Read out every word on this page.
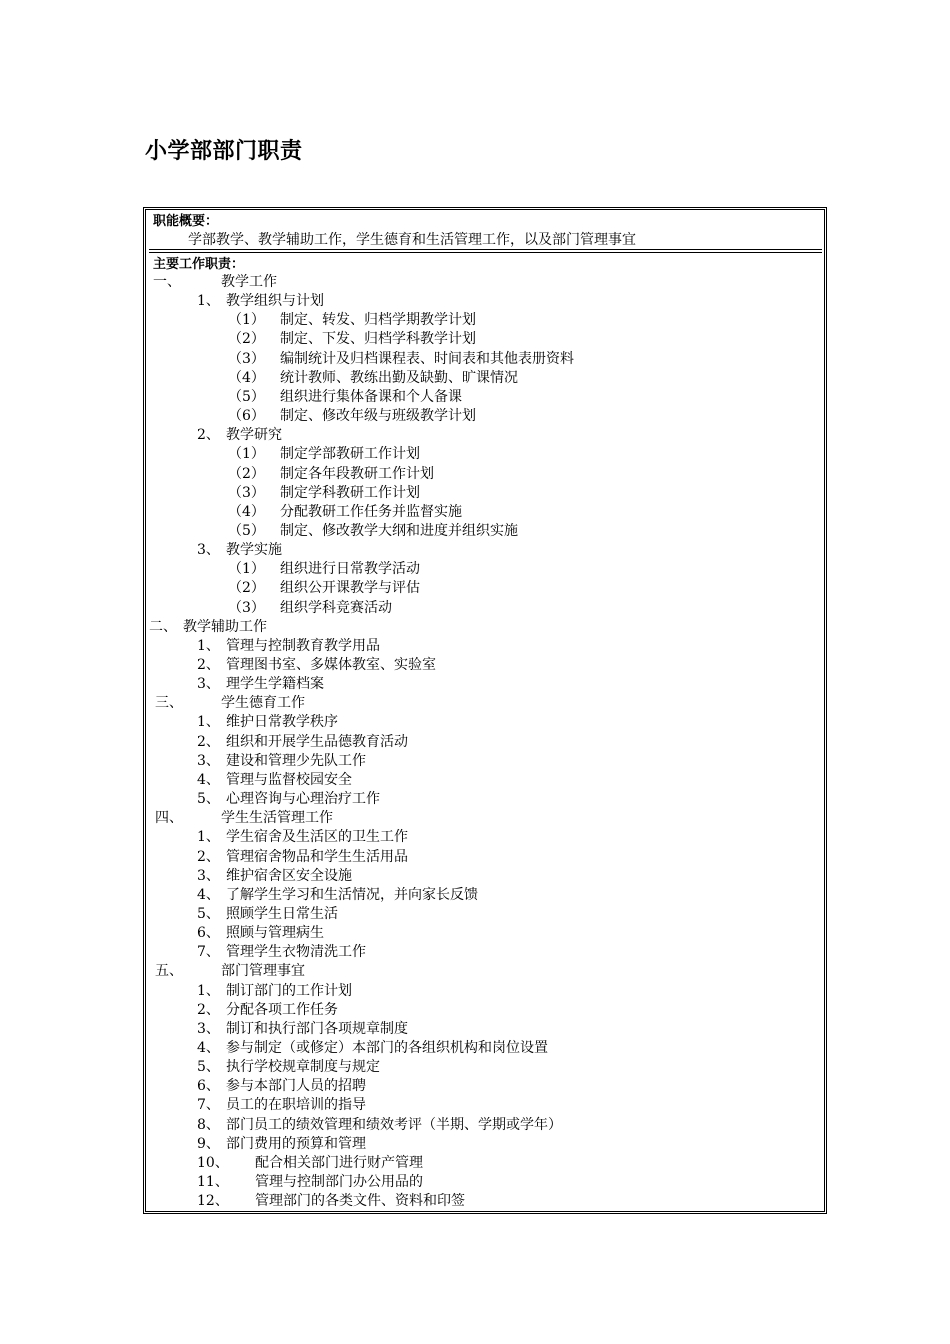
小学部部门职责
职能概要：
学部教学、教学辅助工作，学生德育和生活管理工作，以及部门管理事宜
主要工作职责：
一、	教学工作
1、 教学组织与计划
（1） 制定、转发、归档学期教学计划
（2） 制定、下发、归档学科教学计划
（3） 编制统计及归档课程表、时间表和其他表册资料
（4） 统计教师、教练出勤及缺勤、旷课情况
（5） 组织进行集体备课和个人备课
（6） 制定、修改年级与班级教学计划
2、 教学研究
（1） 制定学部教研工作计划
（2） 制定各年段教研工作计划
（3） 制定学科教研工作计划
（4） 分配教研工作任务并监督实施
（5） 制定、修改教学大纲和进度并组织实施
3、 教学实施
（1） 组织进行日常教学活动
（2） 组织公开课教学与评估
（3） 组织学科竞赛活动
二、 教学辅助工作
1、 管理与控制教育教学用品
2、 管理图书室、多媒体教室、实验室
3、 理学生学籍档案
三、	学生德育工作
1、 维护日常教学秩序
2、 组织和开展学生品德教育活动
3、 建设和管理少先队工作
4、 管理与监督校园安全
5、 心理咨询与心理治疗工作
四、	学生生活管理工作
1、 学生宿舍及生活区的卫生工作
2、 管理宿舍物品和学生生活用品
3、 维护宿舍区安全设施
4、 了解学生学习和生活情况，并向家长反馈
5、 照顾学生日常生活
6、 照顾与管理病生
7、 管理学生衣物清洗工作
五、	部门管理事宜
1、 制订部门的工作计划
2、 分配各项工作任务
3、 制订和执行部门各项规章制度
4、 参与制定（或修定）本部门的各组织机构和岗位设置
5、 执行学校规章制度与规定
6、 参与本部门人员的招聘
7、 员工的在职培训的指导
8、 部门员工的绩效管理和绩效考评（半期、学期或学年）
9、 部门费用的预算和管理
10、 配合相关部门进行财产管理
11、 管理与控制部门办公用品的
12、 管理部门的各类文件、资料和印签
